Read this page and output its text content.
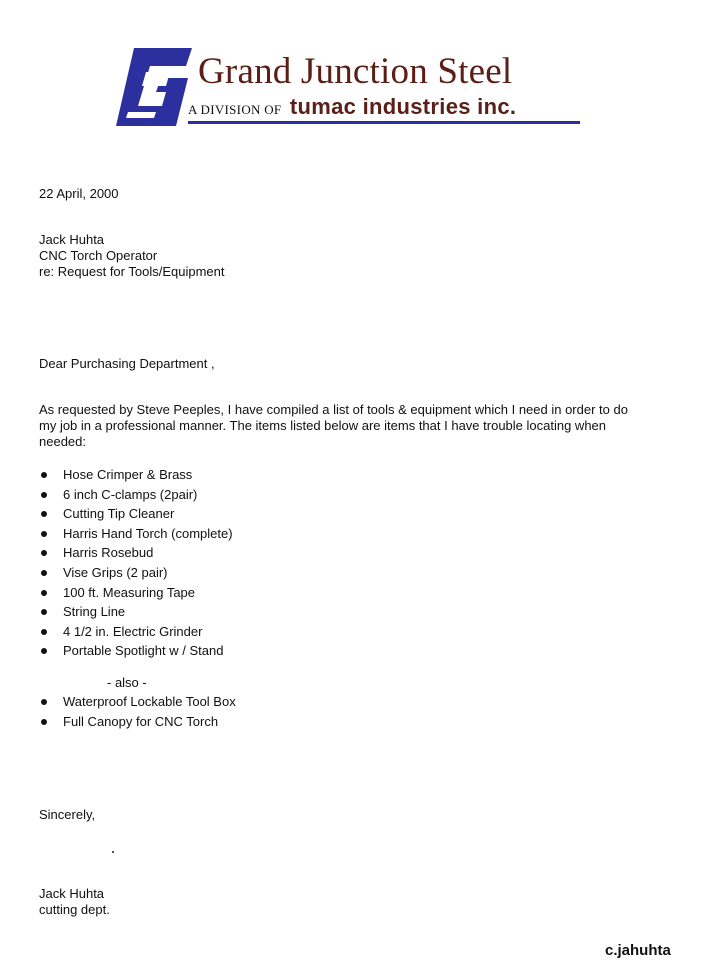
Grand Junction Steel
A DIVISION OF tumac industries inc.
22 April, 2000
Jack Huhta
CNC Torch Operator
re: Request for Tools/Equipment
Dear Purchasing Department ,
As requested by Steve Peeples, I have compiled a list of tools & equipment which I need in order to do
my job in a professional manner. The items listed below are items that I have trouble locating when
needed:
Hose Crimper & Brass
6 inch C-clamps (2pair)
Cutting Tip Cleaner
Harris Hand Torch (complete)
Harris Rosebud
Vise Grips (2 pair)
100 ft. Measuring Tape
String Line
4 1/2 in. Electric Grinder
Portable Spotlight w / Stand
- also -
Waterproof Lockable Tool Box
Full Canopy for CNC Torch
Sincerely,
Jack Huhta
cutting dept.
c.jahuhta
